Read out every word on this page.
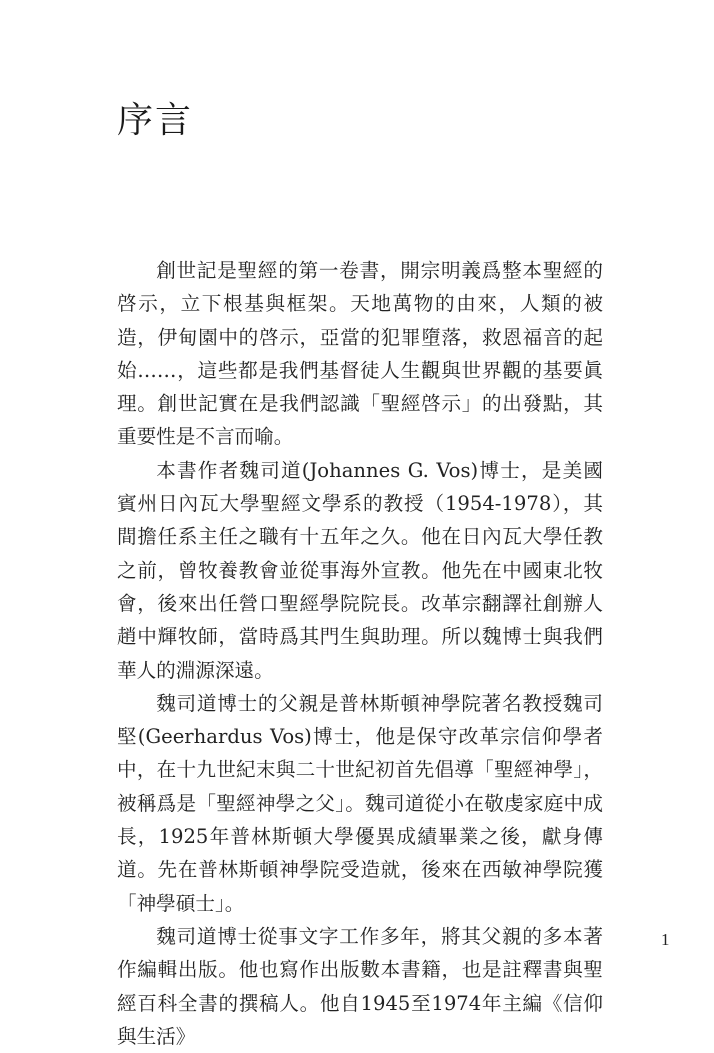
序言

創世記是聖經的第一卷書，開宗明義爲整本聖經的啓示，立下根基與框架。天地萬物的由來，人類的被造，伊甸園中的啓示，亞當的犯罪墮落，救恩福音的起始……，這些都是我們基督徒人生觀與世界觀的基要眞理。創世記實在是我們認識「聖經啓示」的出發點，其重要性是不言而喻。

本書作者魏司道(Johannes G. Vos)博士，是美國賓州日內瓦大學聖經文學系的教授（1954-1978），其間擔任系主任之職有十五年之久。他在日內瓦大學任教之前，曾牧養教會並從事海外宣教。他先在中國東北牧會，後來出任營口聖經學院院長。改革宗翻譯社創辦人趙中輝牧師，當時爲其門生與助理。所以魏博士與我們華人的淵源深遠。

魏司道博士的父親是普林斯頓神學院著名教授魏司堅(Geerhardus Vos)博士，他是保守改革宗信仰學者中，在十九世紀末與二十世紀初首先倡導「聖經神學」，被稱爲是「聖經神學之父」。魏司道從小在敬虔家庭中成長，1925年普林斯頓大學優異成績畢業之後，獻身傳道。先在普林斯頓神學院受造就，後來在西敏神學院獲「神學碩士」。

魏司道博士從事文字工作多年，將其父親的多本著作編輯出版。他也寫作出版數本書籍，也是註釋書與聖經百科全書的撰稿人。他自1945至1974年主編《信仰與生活》

1
